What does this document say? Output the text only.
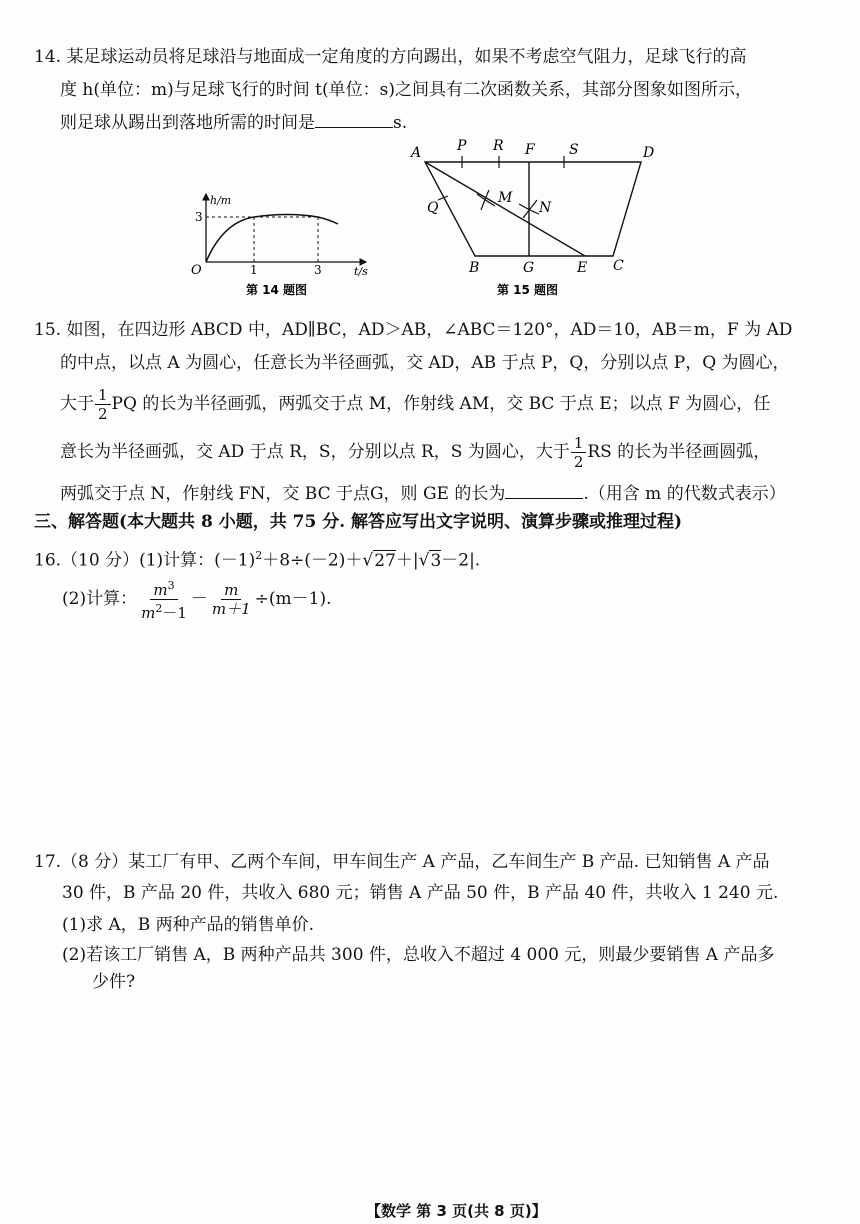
14. 某足球运动员将足球沿与地面成一定角度的方向踢出，如果不考虑空气阻力，足球飞行的高
度 h(单位：m)与足球飞行的时间 t(单位：s)之间具有二次函数关系，其部分图象如图所示，
则足球从踢出到落地所需的时间是	s.
h/m
3
O	1	3	t/s
第 14 题图
A	P R F S	D
Q
M
N
B	G	E C
第 15 题图
15. 如图，在四边形 ABCD 中，AD∥BC，AD＞AB，∠ABC＝120°，AD＝10，AB＝m，F 为 AD
的中点，以点 A 为圆心，任意长为半径画弧，交 AD，AB 于点 P，Q，分别以点 P，Q 为圆心，
大于 $\frac{1}{2}$ PQ 的长为半径画弧，两弧交于点 M，作射线 AM，交 BC 于点 E；以点 F 为圆心，任
意长为半径画弧，交 AD 于点 R，S，分别以点 R，S 为圆心，大于 $\frac{1}{2}$ RS 的长为半径画圆弧，
两弧交于点 N，作射线 FN，交 BC 于点G，则 GE 的长为	.（用含 m 的代数式表示）
三、解答题(本大题共 8 小题，共 75 分. 解答应写出文字说明、演算步骤或推理过程)
16.（10 分）(1)计算：$(-1)^2+8\div(-2)+√27+|√3-2|$.
(2)计算： $\frac{m^3}{m^2-1} - \frac{m}{m+1} \div(m-1)$.
17.（8 分）某工厂有甲、乙两个车间，甲车间生产 A 产品，乙车间生产 B 产品. 已知销售 A 产品
30 件，B 产品 20 件，共收入 680 元；销售 A 产品 50 件，B 产品 40 件，共收入 1 240 元.
(1)求 A，B 两种产品的销售单价.
(2)若该工厂销售 A，B 两种产品共 300 件，总收入不超过 4 000 元，则最少要销售 A 产品多
少件?
【数学 第 3 页(共 8 页)】
